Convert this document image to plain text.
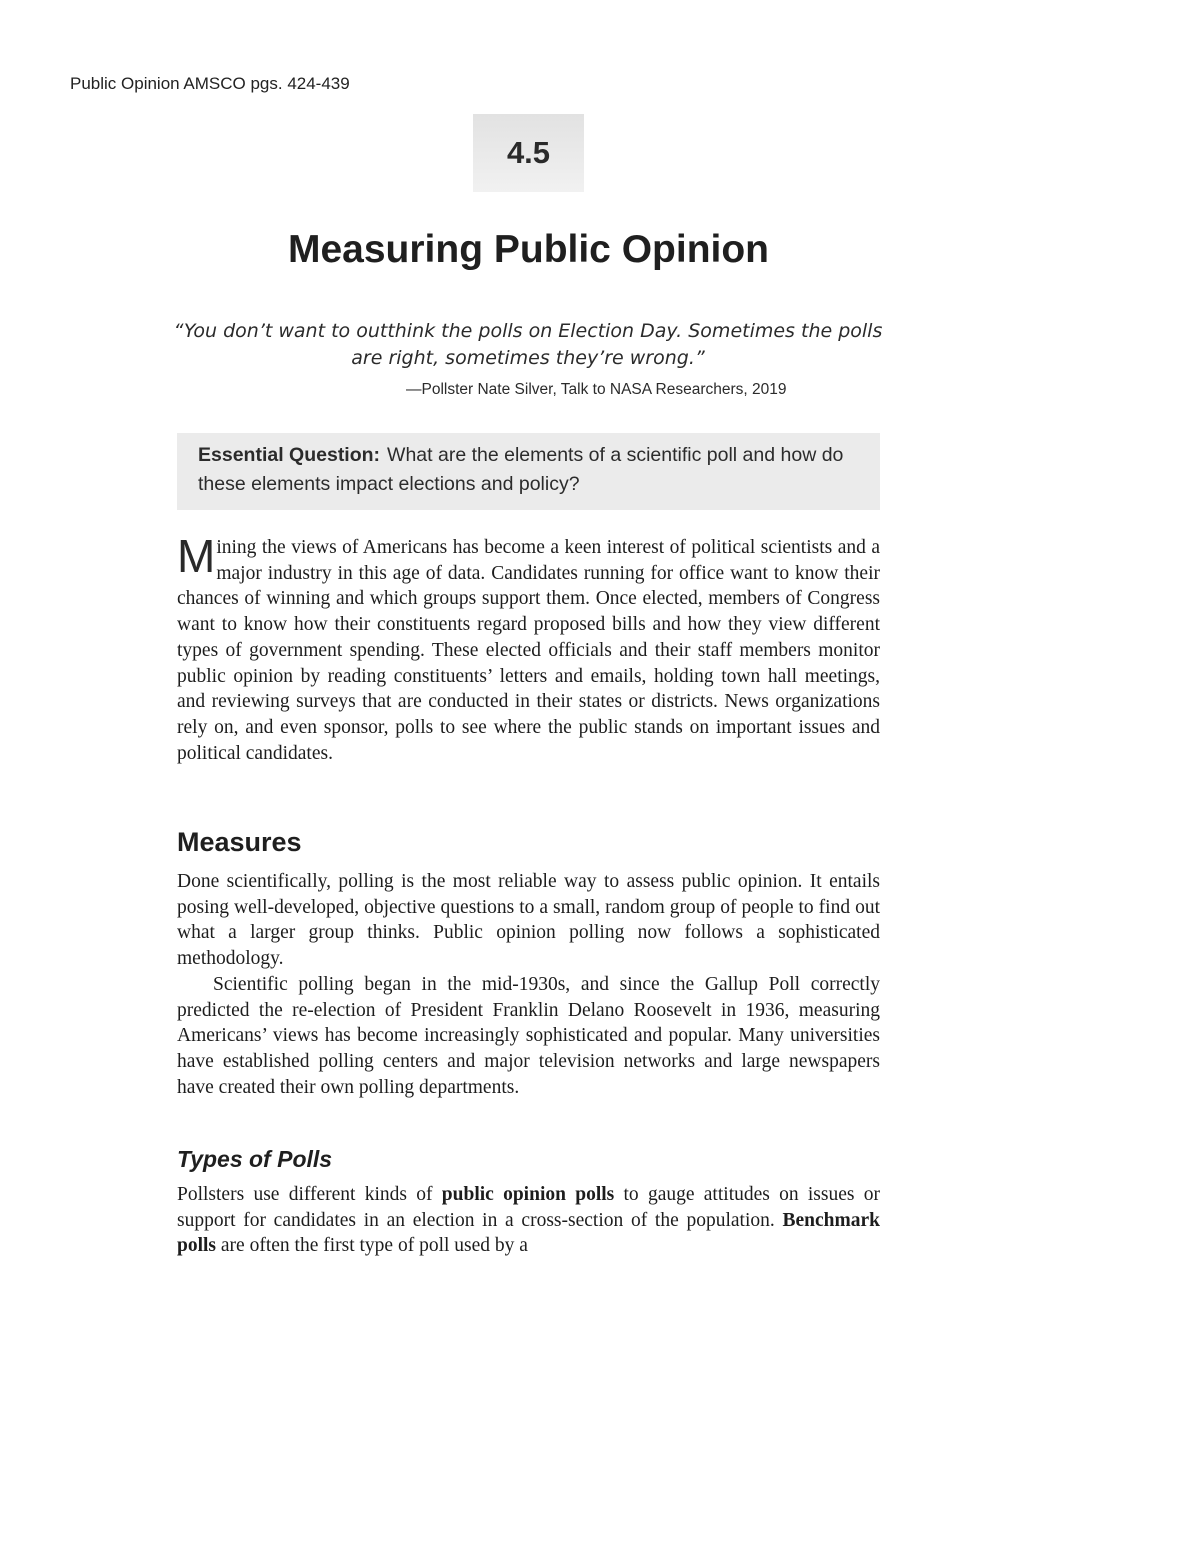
Public Opinion AMSCO pgs. 424-439
4.5
Measuring Public Opinion

“You don’t want to outthink the polls on Election Day. Sometimes the polls are right, sometimes they’re wrong.”

—Pollster Nate Silver, Talk to NASA Researchers, 2019
Essential Question: What are the elements of a scientific poll and how do these elements impact elections and policy?

Mining the views of Americans has become a keen interest of political scientists and a major industry in this age of data. Candidates running for office want to know their chances of winning and which groups support them. Once elected, members of Congress want to know how their constituents regard proposed bills and how they view different types of government spending. These elected officials and their staff members monitor public opinion by reading constituents’ letters and emails, holding town hall meetings, and reviewing surveys that are conducted in their states or districts. News organizations rely on, and even sponsor, polls to see where the public stands on important issues and political candidates.

Measures

Done scientifically, polling is the most reliable way to assess public opinion. It entails posing well-developed, objective questions to a small, random group of people to find out what a larger group thinks. Public opinion polling now follows a sophisticated methodology.

Scientific polling began in the mid-1930s, and since the Gallup Poll correctly predicted the re-election of President Franklin Delano Roosevelt in 1936, measuring Americans’ views has become increasingly sophisticated and popular. Many universities have established polling centers and major television networks and large newspapers have created their own polling departments.

Types of Polls

Pollsters use different kinds of public opinion polls to gauge attitudes on issues or support for candidates in an election in a cross-section of the population. Benchmark polls are often the first type of poll used by a
